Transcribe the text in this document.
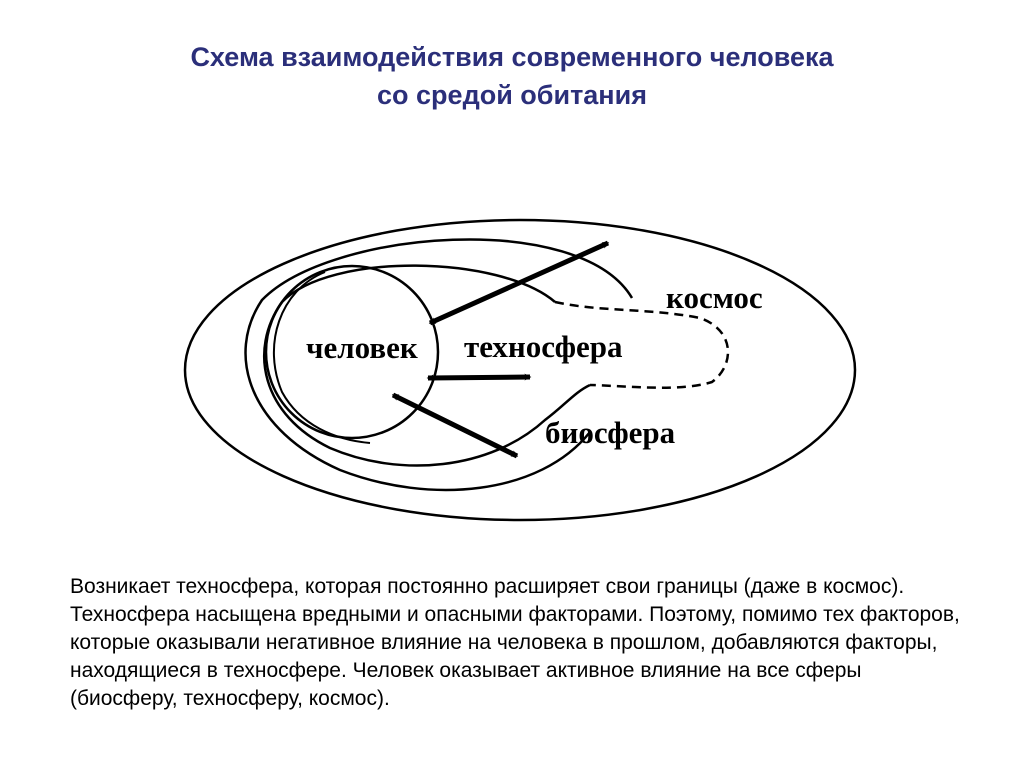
Схема взаимодействия современного человека
со средой обитания
человек техносфера
космос
биосфера
Возникает техносфера, которая постоянно расширяет свои границы (даже в космос). Техносфера насыщена вредными и опасными факторами. Поэтому, помимо тех факторов, которые оказывали негативное влияние на человека в прошлом, добавляются факторы, находящиеся в техносфере. Человек оказывает активное влияние на все сферы (биосферу, техносферу, космос).
